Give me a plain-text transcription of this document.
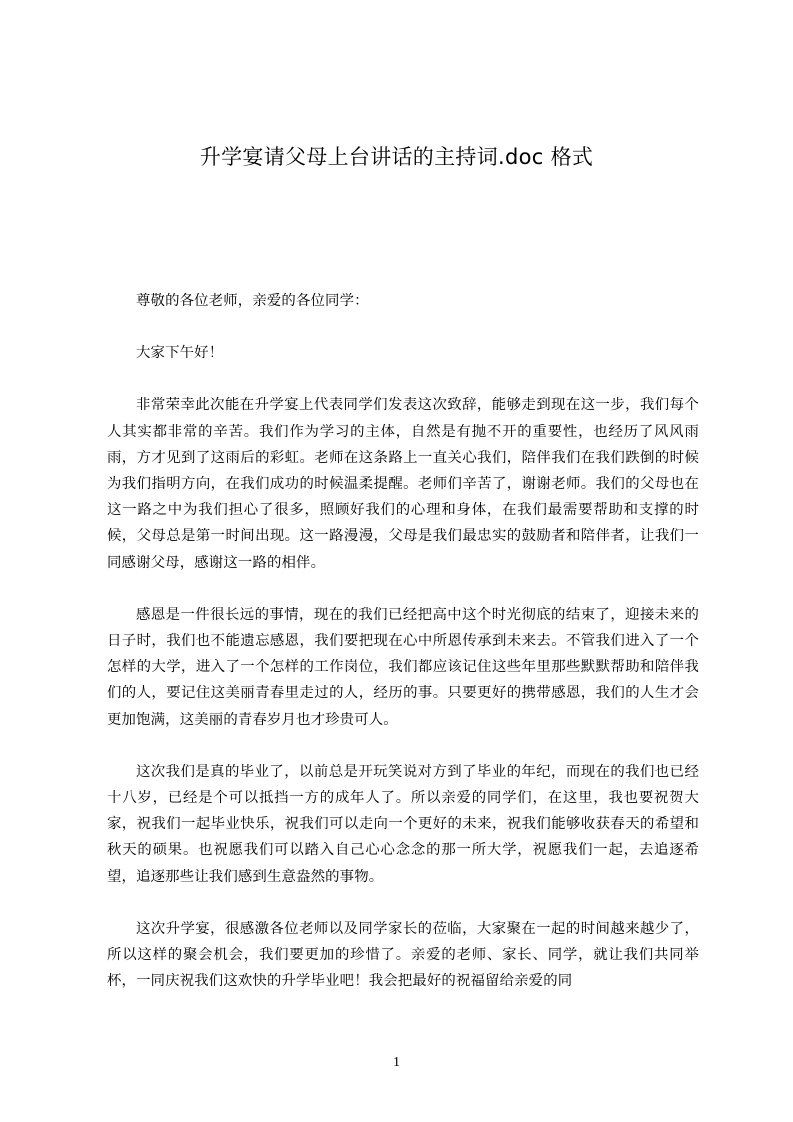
升学宴请父母上台讲话的主持词.doc 格式

尊敬的各位老师，亲爱的各位同学：

大家下午好！

非常荣幸此次能在升学宴上代表同学们发表这次致辞，能够走到现在这一步，我们每个人其实都非常的辛苦。我们作为学习的主体，自然是有抛不开的重要性，也经历了风风雨雨，方才见到了这雨后的彩虹。老师在这条路上一直关心我们，陪伴我们在我们跌倒的时候为我们指明方向，在我们成功的时候温柔提醒。老师们辛苦了，谢谢老师。我们的父母也在这一路之中为我们担心了很多，照顾好我们的心理和身体，在我们最需要帮助和支撑的时候，父母总是第一时间出现。这一路漫漫，父母是我们最忠实的鼓励者和陪伴者，让我们一同感谢父母，感谢这一路的相伴。

感恩是一件很长远的事情，现在的我们已经把高中这个时光彻底的结束了，迎接未来的日子时，我们也不能遗忘感恩，我们要把现在心中所恩传承到未来去。不管我们进入了一个怎样的大学，进入了一个怎样的工作岗位，我们都应该记住这些年里那些默默帮助和陪伴我们的人，要记住这美丽青春里走过的人，经历的事。只要更好的携带感恩，我们的人生才会更加饱满，这美丽的青春岁月也才珍贵可人。

这次我们是真的毕业了，以前总是开玩笑说对方到了毕业的年纪，而现在的我们也已经十八岁，已经是个可以抵挡一方的成年人了。所以亲爱的同学们，在这里，我也要祝贺大家，祝我们一起毕业快乐，祝我们可以走向一个更好的未来，祝我们能够收获春天的希望和秋天的硕果。也祝愿我们可以踏入自己心心念念的那一所大学，祝愿我们一起，去追逐希望，追逐那些让我们感到生意盎然的事物。

这次升学宴，很感激各位老师以及同学家长的莅临，大家聚在一起的时间越来越少了，所以这样的聚会机会，我们要更加的珍惜了。亲爱的老师、家长、同学，就让我们共同举杯，一同庆祝我们这欢快的升学毕业吧！我会把最好的祝福留给亲爱的同

1
